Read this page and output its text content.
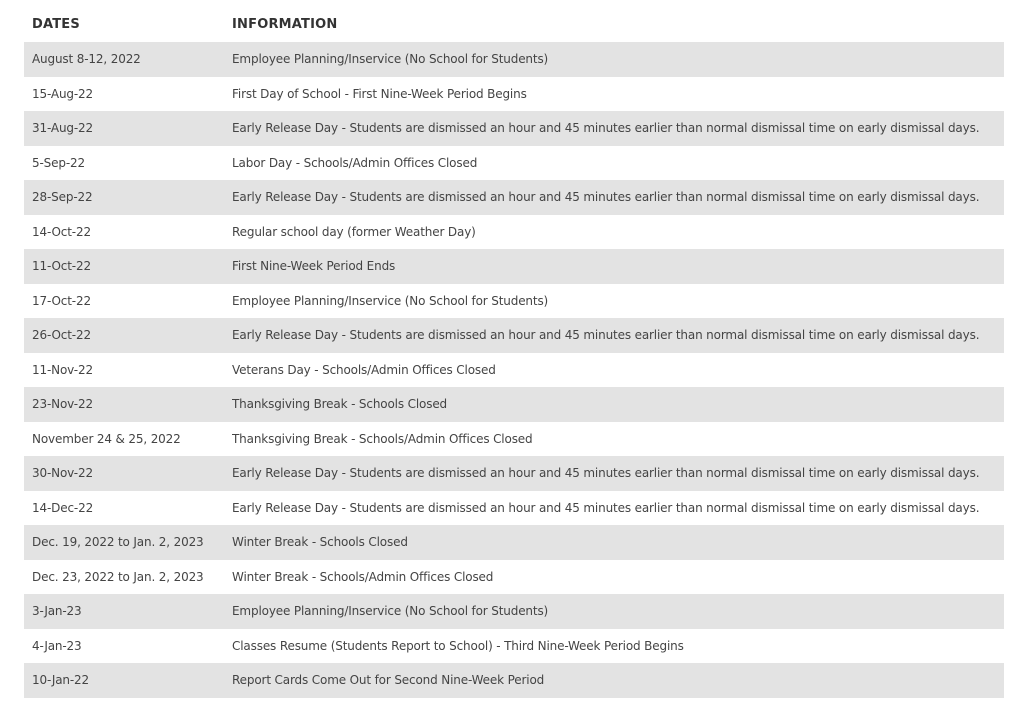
DATES	INFORMATION
August 8-12, 2022	Employee Planning/Inservice (No School for Students)
15-Aug-22	First Day of School - First Nine-Week Period Begins
31-Aug-22	Early Release Day - Students are dismissed an hour and 45 minutes earlier than normal dismissal time on early dismissal days.
5-Sep-22	Labor Day - Schools/Admin Offices Closed
28-Sep-22	Early Release Day - Students are dismissed an hour and 45 minutes earlier than normal dismissal time on early dismissal days.
14-Oct-22	Regular school day (former Weather Day)
11-Oct-22	First Nine-Week Period Ends
17-Oct-22	Employee Planning/Inservice (No School for Students)
26-Oct-22	Early Release Day - Students are dismissed an hour and 45 minutes earlier than normal dismissal time on early dismissal days.
11-Nov-22	Veterans Day - Schools/Admin Offices Closed
23-Nov-22	Thanksgiving Break - Schools Closed
November 24 & 25, 2022	Thanksgiving Break - Schools/Admin Offices Closed
30-Nov-22	Early Release Day - Students are dismissed an hour and 45 minutes earlier than normal dismissal time on early dismissal days.
14-Dec-22	Early Release Day - Students are dismissed an hour and 45 minutes earlier than normal dismissal time on early dismissal days.
Dec. 19, 2022 to Jan. 2, 2023	Winter Break - Schools Closed
Dec. 23, 2022 to Jan. 2, 2023	Winter Break - Schools/Admin Offices Closed
3-Jan-23	Employee Planning/Inservice (No School for Students)
4-Jan-23	Classes Resume (Students Report to School) - Third Nine-Week Period Begins
10-Jan-22	Report Cards Come Out for Second Nine-Week Period
